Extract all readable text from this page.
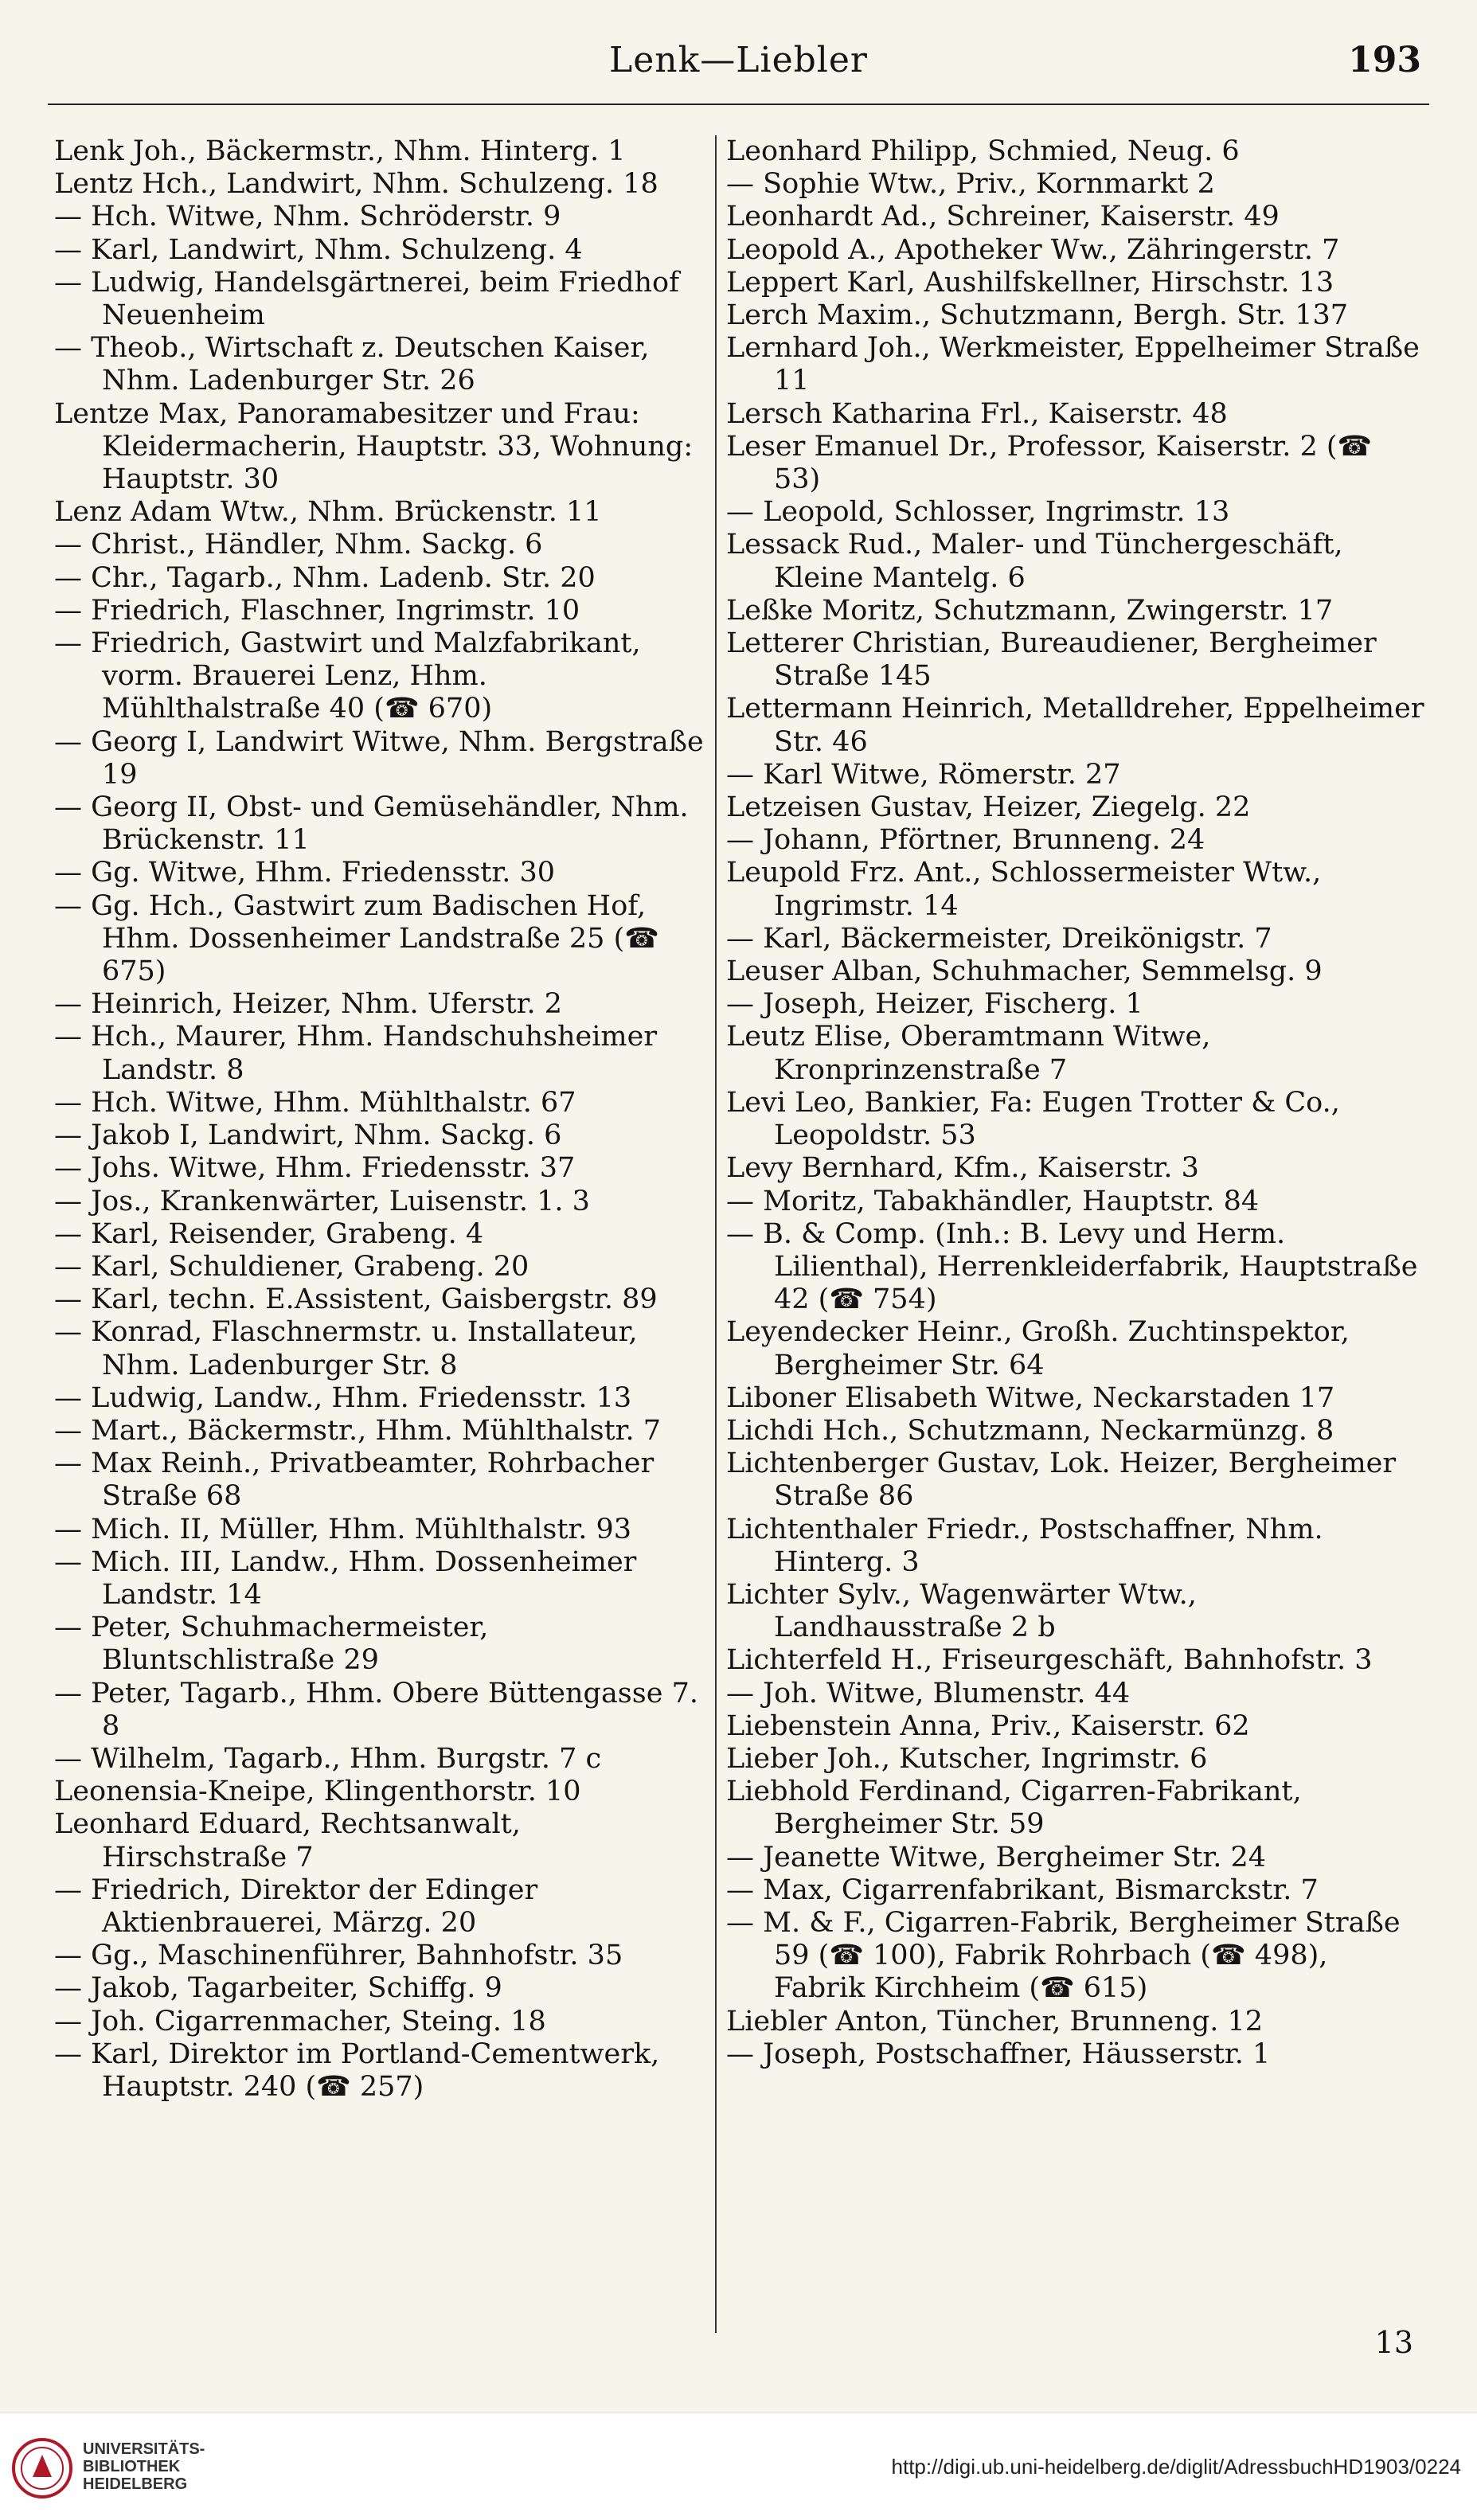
Lenk—Liebler	193
Lenk Joh., Bäckermstr., Nhm. Hinterg. 1
Lentz Hch., Landwirt, Nhm. Schulzeng. 18
— Hch. Witwe, Nhm. Schröderstr. 9
— Karl, Landwirt, Nhm. Schulzeng. 4
— Ludwig, Handelsgärtnerei, beim Friedhof Neuenheim
— Theob., Wirtschaft z. Deutschen Kaiser, Nhm. Ladenburger Str. 26
Lentze Max, Panoramabesitzer und Frau: Kleidermacherin, Hauptstr. 33, Wohnung: Hauptstr. 30
Lenz Adam Wtw., Nhm. Brückenstr. 11
— Christ., Händler, Nhm. Sackg. 6
— Chr., Tagarb., Nhm. Ladenb. Str. 20
— Friedrich, Flaschner, Ingrimstr. 10
— Friedrich, Gastwirt und Malzfabrikant, vorm. Brauerei Lenz, Hhm. Mühlthalstraße 40 (☎ 670)
— Georg I, Landwirt Witwe, Nhm. Bergstraße 19
— Georg II, Obst- und Gemüsehändler, Nhm. Brückenstr. 11
— Gg. Witwe, Hhm. Friedensstr. 30
— Gg. Hch., Gastwirt zum Badischen Hof, Hhm. Dossenheimer Landstraße 25 (☎ 675)
— Heinrich, Heizer, Nhm. Uferstr. 2
— Hch., Maurer, Hhm. Handschuhsheimer Landstr. 8
— Hch. Witwe, Hhm. Mühlthalstr. 67
— Jakob I, Landwirt, Nhm. Sackg. 6
— Johs. Witwe, Hhm. Friedensstr. 37
— Jos., Krankenwärter, Luisenstr. 1. 3
— Karl, Reisender, Grabeng. 4
— Karl, Schuldiener, Grabeng. 20
— Karl, techn. E.Assistent, Gaisbergstr. 89
— Konrad, Flaschnermstr. u. Installateur, Nhm. Ladenburger Str. 8
— Ludwig, Landw., Hhm. Friedensstr. 13
— Mart., Bäckermstr., Hhm. Mühlthalstr. 7
— Max Reinh., Privatbeamter, Rohrbacher Straße 68
— Mich. II, Müller, Hhm. Mühlthalstr. 93
— Mich. III, Landw., Hhm. Dossenheimer Landstr. 14
— Peter, Schuhmachermeister, Bluntschlistraße 29
— Peter, Tagarb., Hhm. Obere Büttengasse 7. 8
— Wilhelm, Tagarb., Hhm. Burgstr. 7 c
Leonensia-Kneipe, Klingenthorstr. 10
Leonhard Eduard, Rechtsanwalt, Hirschstraße 7
— Friedrich, Direktor der Edinger Aktienbrauerei, Märzg. 20
— Gg., Maschinenführer, Bahnhofstr. 35
— Jakob, Tagarbeiter, Schiffg. 9
— Joh. Cigarrenmacher, Steing. 18
— Karl, Direktor im Portland-Cementwerk, Hauptstr. 240 (☎ 257)
Leonhard Philipp, Schmied, Neug. 6
— Sophie Wtw., Priv., Kornmarkt 2
Leonhardt Ad., Schreiner, Kaiserstr. 49
Leopold A., Apotheker Ww., Zähringerstr. 7
Leppert Karl, Aushilfskellner, Hirschstr. 13
Lerch Maxim., Schutzmann, Bergh. Str. 137
Lernhard Joh., Werkmeister, Eppelheimer Straße 11
Lersch Katharina Frl., Kaiserstr. 48
Leser Emanuel Dr., Professor, Kaiserstr. 2 (☎ 53)
— Leopold, Schlosser, Ingrimstr. 13
Lessack Rud., Maler- und Tünchergeschäft, Kleine Mantelg. 6
Leßke Moritz, Schutzmann, Zwingerstr. 17
Letterer Christian, Bureaudiener, Bergheimer Straße 145
Lettermann Heinrich, Metalldreher, Eppelheimer Str. 46
— Karl Witwe, Römerstr. 27
Letzeisen Gustav, Heizer, Ziegelg. 22
— Johann, Pförtner, Brunneng. 24
Leupold Frz. Ant., Schlossermeister Wtw., Ingrimstr. 14
— Karl, Bäckermeister, Dreikönigstr. 7
Leuser Alban, Schuhmacher, Semmelsg. 9
— Joseph, Heizer, Fischerg. 1
Leutz Elise, Oberamtmann Witwe, Kronprinzenstraße 7
Levi Leo, Bankier, Fa: Eugen Trotter & Co., Leopoldstr. 53
Levy Bernhard, Kfm., Kaiserstr. 3
— Moritz, Tabakhändler, Hauptstr. 84
— B. & Comp. (Inh.: B. Levy und Herm. Lilienthal), Herrenkleiderfabrik, Hauptstraße 42 (☎ 754)
Leyendecker Heinr., Großh. Zuchtinspektor, Bergheimer Str. 64
Liboner Elisabeth Witwe, Neckarstaden 17
Lichdi Hch., Schutzmann, Neckarmünzg. 8
Lichtenberger Gustav, Lok. Heizer, Bergheimer Straße 86
Lichtenthaler Friedr., Postschaffner, Nhm. Hinterg. 3
Lichter Sylv., Wagenwärter Wtw., Landhausstraße 2 b
Lichterfeld H., Friseurgeschäft, Bahnhofstr. 3
— Joh. Witwe, Blumenstr. 44
Liebenstein Anna, Priv., Kaiserstr. 62
Lieber Joh., Kutscher, Ingrimstr. 6
Liebhold Ferdinand, Cigarren-Fabrikant, Bergheimer Str. 59
— Jeanette Witwe, Bergheimer Str. 24
— Max, Cigarrenfabrikant, Bismarckstr. 7
— M. & F., Cigarren-Fabrik, Bergheimer Straße 59 (☎ 100), Fabrik Rohrbach (☎ 498), Fabrik Kirchheim (☎ 615)
Liebler Anton, Tüncher, Brunneng. 12
— Joseph, Postschaffner, Häusserstr. 1
13
UNIVERSITÄTS-
BIBLIOTHEK
HEIDELBERG
http://digi.ub.uni-heidelberg.de/diglit/AdressbuchHD1903/0224
